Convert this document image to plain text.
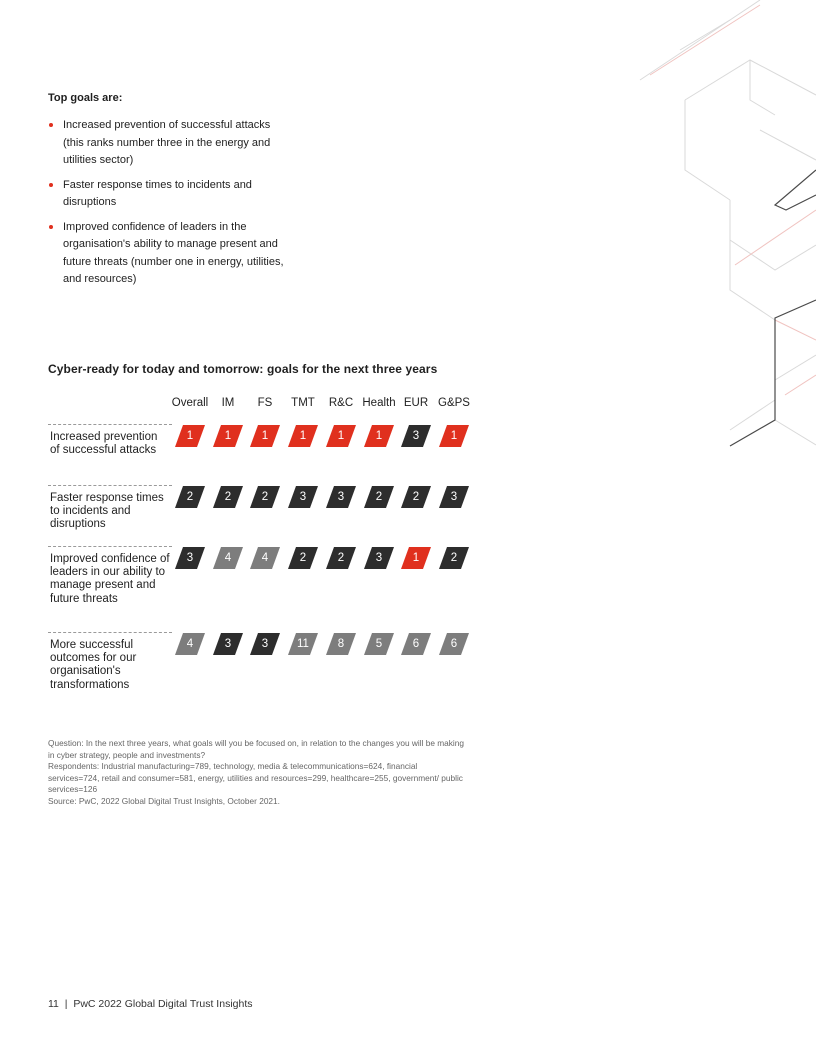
Top goals are:
Increased prevention of successful attacks (this ranks number three in the energy and utilities sector)
Faster response times to incidents and disruptions
Improved confidence of leaders in the organisation's ability to manage present and future threats (number one in energy, utilities, and resources)
Cyber-ready for today and tomorrow: goals for the next three years
Overall	IM	FS	TMT	R&C Health EUR G&PS
Increased prevention of successful attacks
1	1	1	1	1	1	3	1
Faster response times to incidents and disruptions
2	2	2	3	3	2	2	3
Improved confidence of leaders in our ability to manage present and future threats
3	4	4	2	2	3	1	2
More successful outcomes for our organisation's transformations
4	3	3	11	8	5	6	6
Question: In the next three years, what goals will you be focused on, in relation to the changes you will be making in cyber strategy, people and investments?
Respondents: Industrial manufacturing=789, technology, media & telecommunications=624, financial services=724, retail and consumer=581, energy, utilities and resources=299, healthcare=255, government/ public services=126
Source: PwC, 2022 Global Digital Trust Insights, October 2021.
11 | PwC 2022 Global Digital Trust Insights
